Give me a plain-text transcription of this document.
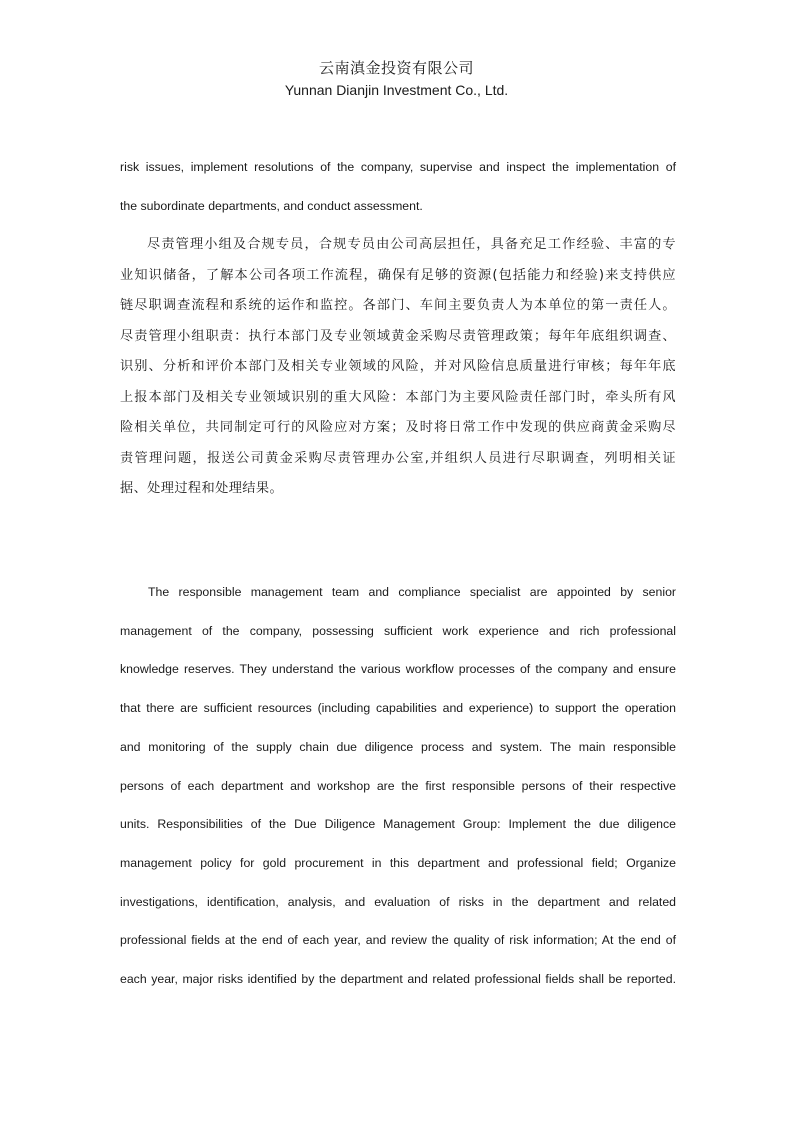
云南滇金投资有限公司
Yunnan Dianjin Investment Co., Ltd.
risk issues, implement resolutions of the company, supervise and inspect the implementation of
the subordinate departments, and conduct assessment.
尽责管理小组及合规专员，合规专员由公司高层担任，具备充足工作经验、丰富的专
业知识储备，了解本公司各项工作流程，确保有足够的资源(包括能力和经验)来支持供应
链尽职调查流程和系统的运作和监控。各部门、车间主要负责人为本单位的第一责任人。
尽责管理小组职责：执行本部门及专业领域黄金采购尽责管理政策；每年年底组织调查、
识别、分析和评价本部门及相关专业领域的风险，并对风险信息质量进行审核；每年年底
上报本部门及相关专业领域识别的重大风险：本部门为主要风险责任部门时，牵头所有风
险相关单位，共同制定可行的风险应对方案；及时将日常工作中发现的供应商黄金采购尽
责管理问题，报送公司黄金采购尽责管理办公室,并组织人员进行尽职调查，列明相关证
据、处理过程和处理结果。
The responsible management team and compliance specialist are appointed by senior
management of the company, possessing sufficient work experience and rich professional
knowledge reserves. They understand the various workflow processes of the company and ensure
that there are sufficient resources (including capabilities and experience) to support the operation
and monitoring of the supply chain due diligence process and system. The main responsible
persons of each department and workshop are the first responsible persons of their respective
units. Responsibilities of the Due Diligence Management Group: Implement the due diligence
management policy for gold procurement in this department and professional field; Organize
investigations, identification, analysis, and evaluation of risks in the department and related
professional fields at the end of each year, and review the quality of risk information; At the end of
each year, major risks identified by the department and related professional fields shall be reported.
